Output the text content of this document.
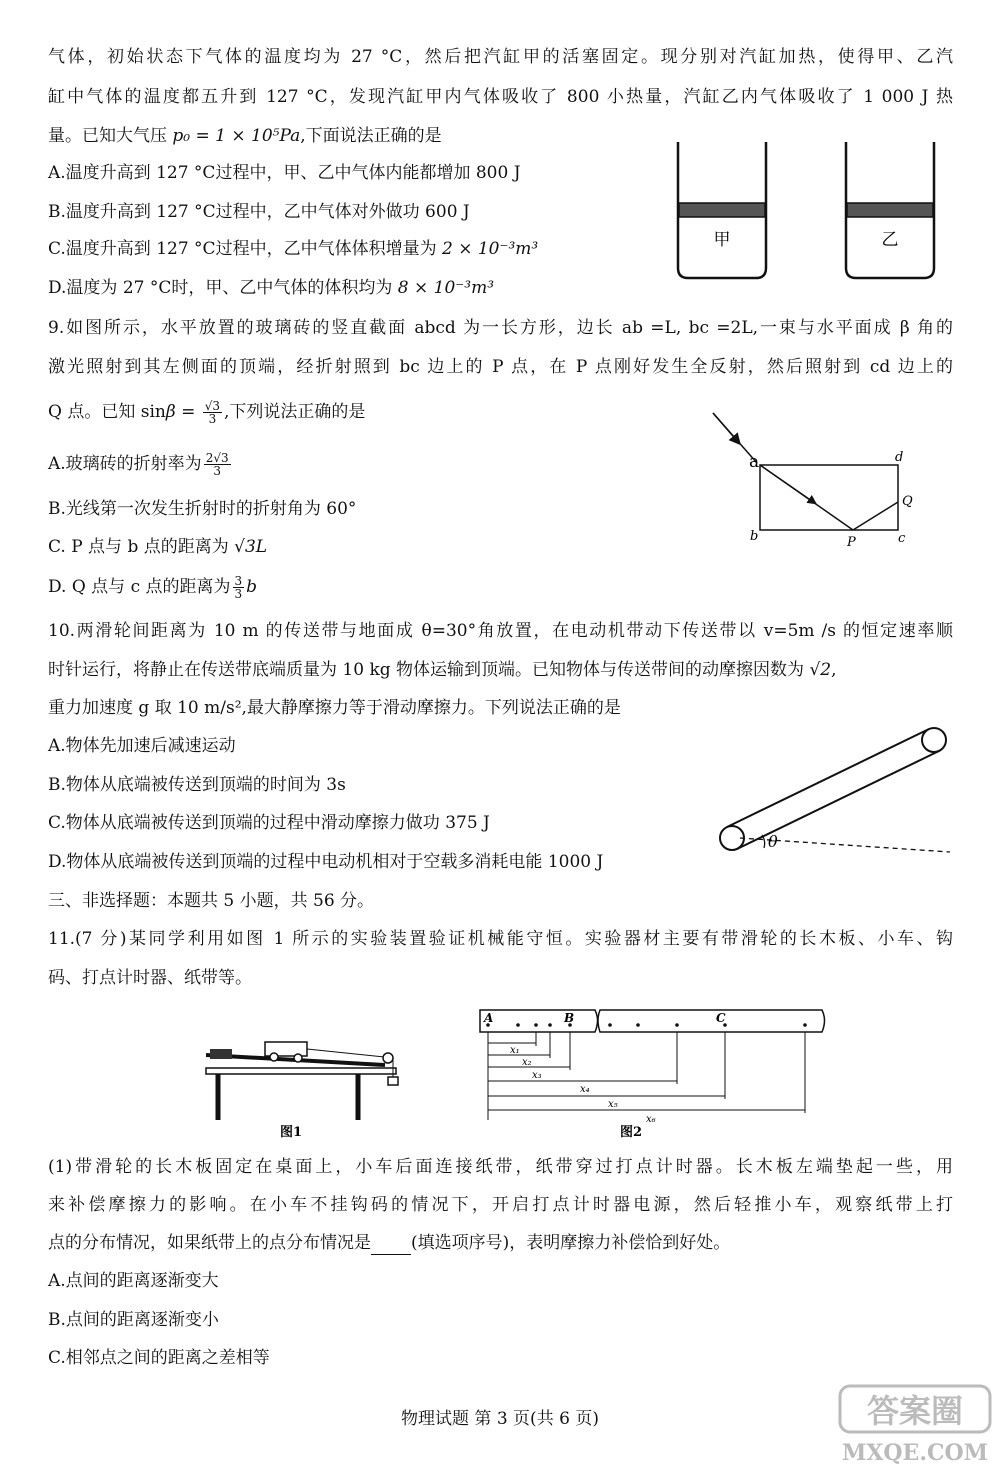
气体，初始状态下气体的温度均为 27 °C，然后把汽缸甲的活塞固定。现分别对汽缸加热，使得甲、乙汽
缸中气体的温度都五升到 127 °C，发现汽缸甲内气体吸收了 800 小热量，汽缸乙内气体吸收了 1 000 J 热
量。已知大气压 p₀ = 1 × 10⁵Pa,下面说法正确的是
A.温度升高到 127 °C过程中，甲、乙中气体内能都增加 800 J
B.温度升高到 127 °C过程中，乙中气体对外做功 600 J
C.温度升高到 127 °C过程中，乙中气体体积增量为 2 × 10⁻³m³
D.温度为 27 °C时，甲、乙中气体的体积均为 8 × 10⁻³m³
甲	乙
9.如图所示，水平放置的玻璃砖的竖直截面 abcd 为一长方形，边长 ab =L, bc =2L,一束与水平面成 β 角的
激光照射到其左侧面的顶端，经折射照到 bc 边上的 P 点，在 P 点刚好发生全反射，然后照射到 cd 边上的
Q 点。已知 $\sin\beta = \frac{√3}{3}$ ,下列说法正确的是
A.玻璃砖的折射率为 $\frac{2√3}{3}$
B.光线第一次发生折射时的折射角为 60°
C. P 点与 b 点的距离为 √3L
D. Q 点与 c 点的距离为 $\frac{3}{3}$ b
a
b	c
d
P
Q
10.两滑轮间距离为 10 m 的传送带与地面成 θ=30°角放置，在电动机带动下传送带以 v=5m /s 的恒定速率顺
时针运行，将静止在传送带底端质量为 10 kg 物体运输到顶端。已知物体与传送带间的动摩擦因数为 √2,
重力加速度 g 取 10 m/s²,最大静摩擦力等于滑动摩擦力。下列说法正确的是
A.物体先加速后减速运动
B.物体从底端被传送到顶端的时间为 3s
C.物体从底端被传送到顶端的过程中滑动摩擦力做功 375 J
D.物体从底端被传送到顶端的过程中电动机相对于空载多消耗电能 1000 J
θ
三、非选择题：本题共 5 小题，共 56 分。
11.(7 分)某同学利用如图 1 所示的实验装置验证机械能守恒。实验器材主要有带滑轮的长木板、小车、钩
码、打点计时器、纸带等。
图1
A	B	C
x₁
x₂
x₃
x₄
x₅
x₆
图2
(1)带滑轮的长木板固定在桌面上，小车后面连接纸带，纸带穿过打点计时器。长木板左端垫起一些，用
来补偿摩擦力的影响。在小车不挂钩码的情况下，开启打点计时器电源，然后轻推小车，观察纸带上打
点的分布情况，如果纸带上的点分布情况是 (填选项序号)，表明摩擦力补偿恰到好处。
A.点间的距离逐渐变大
B.点间的距离逐渐变小
C.相邻点之间的距离之差相等
物理试题 第 3 页(共 6 页)	答案圈
MXQE.COM
